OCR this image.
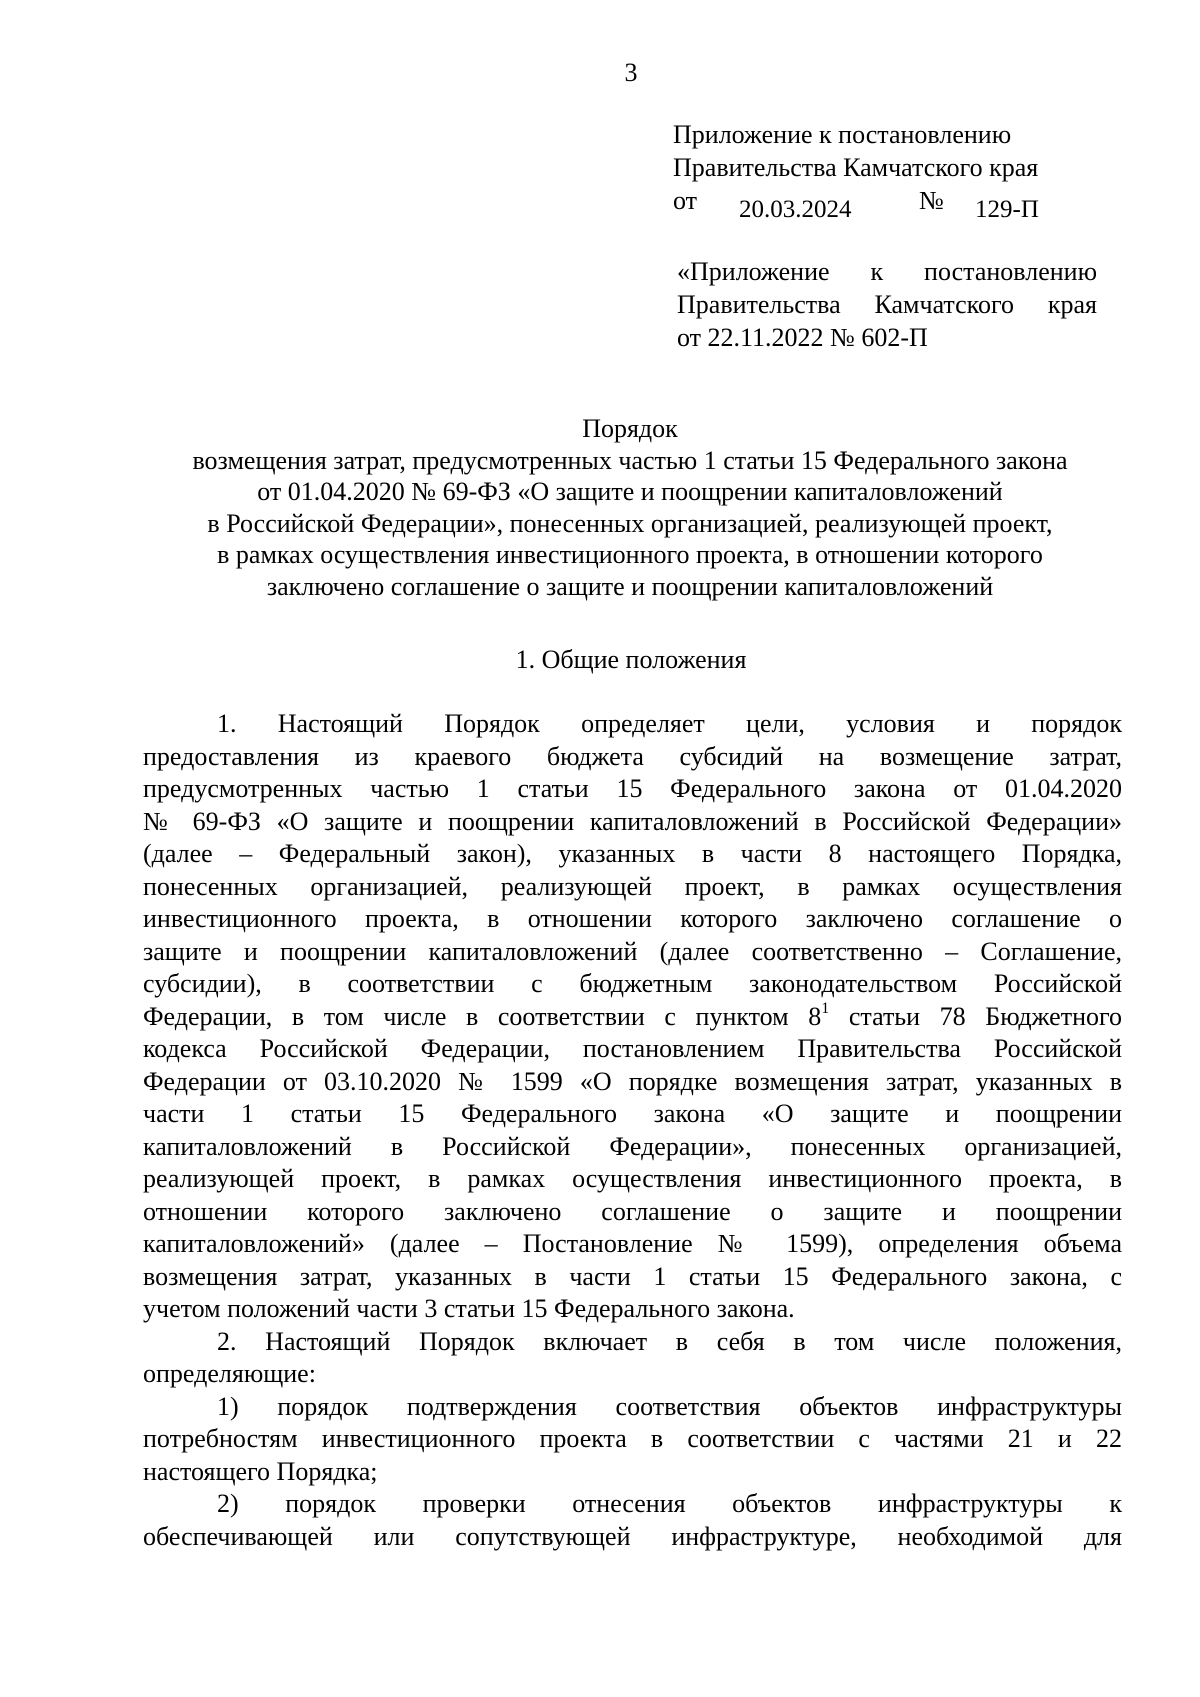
3
Приложение к постановлению
Правительства Камчатского края
от	20.03.2024	№	129-П
«Приложение к постановлению
Правительства Камчатского края
от 22.11.2022 № 602-П
Порядок
возмещения затрат, предусмотренных частью 1 статьи 15 Федерального закона
от 01.04.2020 № 69-ФЗ «О защите и поощрении капиталовложений
в Российской Федерации», понесенных организацией, реализующей проект,
в рамках осуществления инвестиционного проекта, в отношении которого
заключено соглашение о защите и поощрении капиталовложений
1. Общие положения
1. Настоящий Порядок определяет цели, условия и порядок
предоставления из краевого бюджета субсидий на возмещение затрат,
предусмотренных частью 1 статьи 15 Федерального закона от 01.04.2020
№ 69-ФЗ «О защите и поощрении капиталовложений в Российской Федерации»
(далее – Федеральный закон), указанных в части 8 настоящего Порядка,
понесенных организацией, реализующей проект, в рамках осуществления
инвестиционного проекта, в отношении которого заключено соглашение о
защите и поощрении капиталовложений (далее соответственно – Соглашение,
субсидии), в соответствии с бюджетным законодательством Российской
Федерации, в том числе в соответствии с пунктом $8^1$ статьи 78 Бюджетного
кодекса Российской Федерации, постановлением Правительства Российской
Федерации от 03.10.2020 № 1599 «О порядке возмещения затрат, указанных в
части 1 статьи 15 Федерального закона «О защите и поощрении
капиталовложений в Российской Федерации», понесенных организацией,
реализующей проект, в рамках осуществления инвестиционного проекта, в
отношении которого заключено соглашение о защите и поощрении
капиталовложений» (далее – Постановление № 1599), определения объема
возмещения затрат, указанных в части 1 статьи 15 Федерального закона, с
учетом положений части 3 статьи 15 Федерального закона.
2. Настоящий Порядок включает в себя в том числе положения,
определяющие:
1) порядок подтверждения соответствия объектов инфраструктуры
потребностям инвестиционного проекта в соответствии с частями 21 и 22
настоящего Порядка;
2) порядок проверки отнесения объектов инфраструктуры к
обеспечивающей или сопутствующей инфраструктуре, необходимой для
